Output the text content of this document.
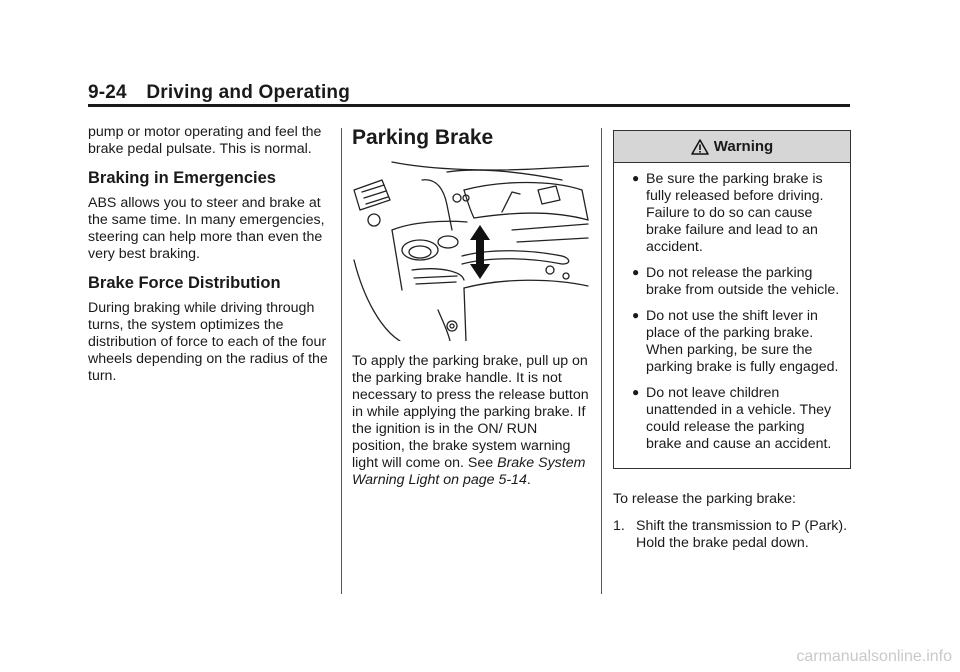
9-24 Driving and Operating

pump or motor operating and feel the brake pedal pulsate. This is normal.

Braking in Emergencies

ABS allows you to steer and brake at the same time. In many emergencies, steering can help more than even the very best braking.

Brake Force Distribution

During braking while driving through turns, the system optimizes the distribution of force to each of the four wheels depending on the radius of the turn.

Parking Brake

To apply the parking brake, pull up on the parking brake handle. It is not necessary to press the release button in while applying the parking brake. If the ignition is in the ON/ RUN position, the brake system warning light will come on. See Brake System Warning Light on page 5-14.

Warning
● Be sure the parking brake is fully released before driving. Failure to do so can cause brake failure and lead to an accident.
● Do not release the parking brake from outside the vehicle.
● Do not use the shift lever in place of the parking brake. When parking, be sure the parking brake is fully engaged.
● Do not leave children unattended in a vehicle. They could release the parking brake and cause an accident.

To release the parking brake:

1. Shift the transmission to P (Park). Hold the brake pedal down.
carmanualsonline.info
